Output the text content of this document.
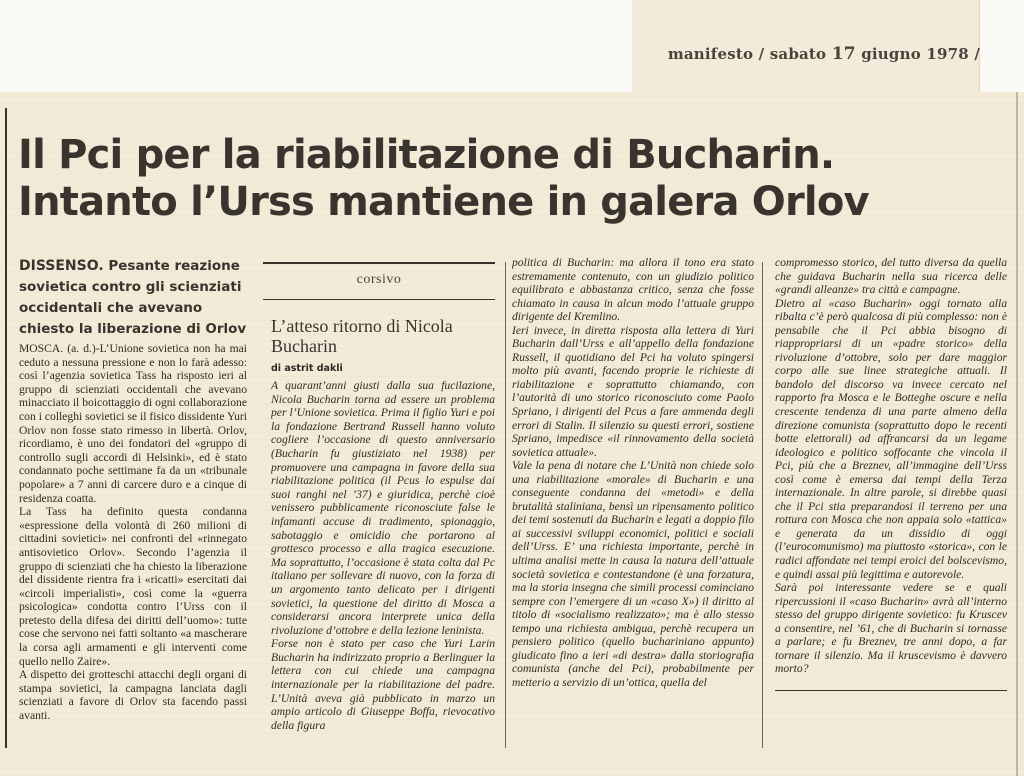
manifesto / sabato 17 giugno 1978 /
Il Pci per la riabilitazione di Bucharin.
Intanto l’Urss mantiene in galera Orlov
DISSENSO. Pesante reazione sovietica contro gli scienziati occidentali che avevano chiesto la liberazione di Orlov

MOSCA. (a. d.)-L’Unione sovietica non ha mai ceduto a nessuna pressione e non lo farà adesso: così l’agenzia sovietica Tass ha risposto ieri al gruppo di scienziati occidentali che avevano minacciato il boicottaggio di ogni collaborazione con i colleghi sovietici se il fisico dissidente Yuri Orlov non fosse stato rimesso in libertà. Orlov, ricordiamo, è uno dei fondatori del «gruppo di controllo sugli accordi di Helsinki», ed è stato condannato poche settimane fa da un «tribunale popolare» a 7 anni di carcere duro e a cinque di residenza coatta.

La Tass ha definito questa condanna «espressione della volontà di 260 milioni di cittadini sovietici» nei confronti del «rinnegato antisovietico Orlov». Secondo l’agenzia il gruppo di scienziati che ha chiesto la liberazione del dissidente rientra fra i «ricatti» esercitati dai «circoli imperialisti», così come la «guerra psicologica» condotta contro l’Urss con il pretesto della difesa dei diritti dell’uomo»: tutte cose che servono nei fatti soltanto «a mascherare la corsa agli armamenti e gli interventi come quello nello Zaire».

A dispetto dei grotteschi attacchi degli organi di stampa sovietici, la campagna lanciata dagli scienziati a favore di Orlov sta facendo passi avanti.

corsivo
L’atteso ritorno di Nicola Bucharin
di astrit dakli

A quarant’anni giusti dalla sua fucilazione, Nicola Bucharin torna ad essere un problema per l’Unione sovietica. Prima il figlio Yuri e poi la fondazione Bertrand Russell hanno voluto cogliere l’occasione di questo anniversario (Bucharin fu giustiziato nel 1938) per promuovere una campagna in favore della sua riabilitazione politica (il Pcus lo espulse dai suoi ranghi nel ’37) e giuridica, perchè cioè venissero pubblicamente riconosciute false le infamanti accuse di tradimento, spionaggio, sabotaggio e omicidio che portarono al grottesco processo e alla tragica esecuzione. Ma soprattutto, l’occasione è stata colta dal Pc italiano per sollevare di nuovo, con la forza di un argomento tanto delicato per i dirigenti sovietici, la questione del diritto di Mosca a considerarsi ancora interprete unica della rivoluzione d’ottobre e della lezione leninista.

Forse non è stato per caso che Yuri Larin Bucharin ha indirizzato proprio a Berlinguer la lettera con cui chiede una campagna internazionale per la riabilitazione del padre. L’Unità aveva già pubblicato in marzo un ampio articolo di Giuseppe Boffa, rievocativo della figura

politica di Bucharin: ma allora il tono era stato estremamente contenuto, con un giudizio politico equilibrato e abbastanza critico, senza che fosse chiamato in causa in alcun modo l’attuale gruppo dirigente del Kremlino.

Ieri invece, in diretta risposta alla lettera di Yuri Bucharin dall’Urss e all’appello della fondazione Russell, il quotidiano del Pci ha voluto spingersi molto più avanti, facendo proprie le richieste di riabilitazione e soprattutto chiamando, con l’autorità di uno storico riconosciuto come Paolo Spriano, i dirigenti del Pcus a fare ammenda degli errori di Stalin. Il silenzio su questi errori, sostiene Spriano, impedisce «il rinnovamento della società sovietica attuale».

Vale la pena di notare che L’Unità non chiede solo una riabilitazione «morale» di Bucharin e una conseguente condanna dei «metodi» e della brutalità staliniana, bensì un ripensamento politico dei temi sostenuti da Bucharin e legati a doppio filo ai successivi sviluppi economici, politici e sociali dell’Urss. E’ una richiesta importante, perchè in ultima analisi mette in causa la natura dell’attuale società sovietica e contestandone (è una forzatura, ma la storia insegna che simili processi cominciano sempre con l’emergere di un «caso X») il diritto al titolo di «socialismo realizzato»; ma è allo stesso tempo una richiesta ambigua, perchè recupera un pensiero politico (quello buchariniano appunto) giudicato fino a ieri «di destra» dalla storiografia comunista (anche del Pci), probabilmente per metterio a servizio di un’ottica, quella del

compromesso storico, del tutto diversa da quella che guidava Bucharin nella sua ricerca delle «grandi alleanze» tra città e campagne.

Dietro al «caso Bucharin» oggi tornato alla ribalta c’è però qualcosa di più complesso: non è pensabile che il Pci abbia bisogno di riappropriarsi di un «padre storico» della rivoluzione d’ottobre, solo per dare maggior corpo alle sue linee strategiche attuali. Il bandolo del discorso va invece cercato nel rapporto fra Mosca e le Botteghe oscure e nella crescente tendenza di una parte almeno della direzione comunista (soprattutto dopo le recenti botte elettorali) ad affrancarsi da un legame ideologico e politico soffocante che vincola il Pci, più che a Breznev, all’immagine dell’Urss così come è emersa dai tempi della Terza internazionale. In altre parole, si direbbe quasi che il Pci stia preparandosi il terreno per una rottura con Mosca che non appaia solo «tattica» e generata da un dissidio di oggi (l’eurocomunismo) ma piuttosto «storica», con le radici affondate nei tempi eroici del bolscevismo, e quindi assai più legittima e autorevole.

Sarà poi interessante vedere se e quali ripercussioni il «caso Bucharin» avrà all’interno stesso del gruppo dirigente sovietico: fu Kruscev a consentire, nel ’61, che di Bucharin si tornasse a parlare; e fu Breznev, tre anni dopo, a far tornare il silenzio. Ma il kruscevismo è davvero morto?
